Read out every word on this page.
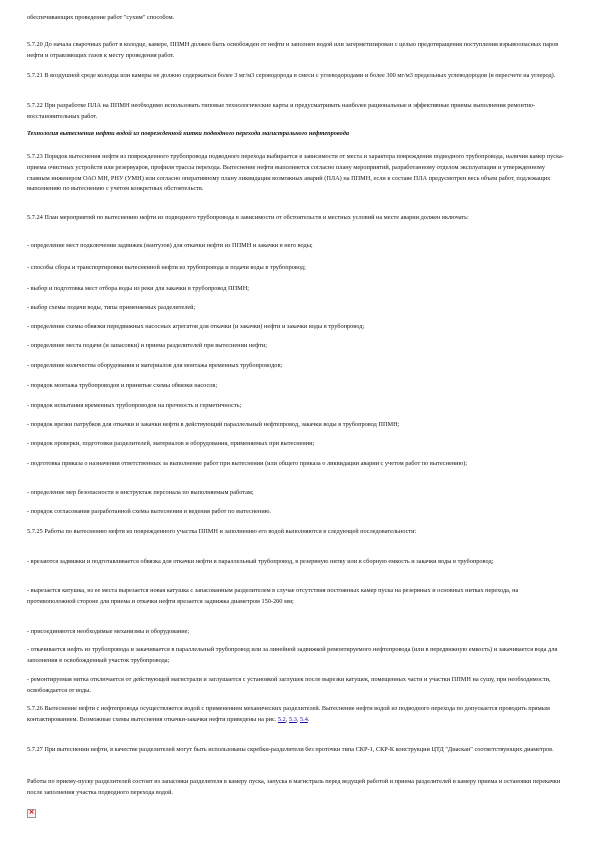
обеспечивающих проведение работ "сухим" способом.
5.7.20 До начала сварочных работ в колодце, камере, ППМН должен быть освобожден от нефти и заполнен водой или загерметизирован с целью предотвращения поступления взрывоопасных паров нефти и отравляющих газов к месту проведения работ.
5.7.21 В воздушной среде колодца или камеры не должно содержаться более 3 мг/м3 сероводорода в смеси с углеводородами и более 300 мг/м3 предельных углеводородов (в пересчете на углерод).
5.7.22 При разработке ПЛА на ППМН необходимо использовать типовые технологические карты и предусматривать наиболее рациональные и эффективные приемы выполнения ремонтно-восстановительных работ.
Технология вытеснения нефти водой из поврежденной нитки подводного перехода магистрального нефтепровода
5.7.23 Порядок вытеснения нефти из поврежденного трубопровода подводного перехода выбирается в зависимости от места и характера повреждения подводного трубопровода, наличия камер пуска-приема очистных устройств или резервуаров, профиля трассы перехода. Вытеснение нефти выполняется согласно плану мероприятий, разработанному отделом эксплуатации и утвержденному главным инженером ОАО МН, РНУ (УМН) или согласно оперативному плану ликвидации возможных аварий (ПЛА) на ППМН, если в составе ПЛА предусмотрен весь объем работ, подлежащих выполнению по вытеснению с учетом конкретных обстоятельств.
5.7.24 План мероприятий по вытеснению нефти из подводного трубопровода в зависимости от обстоятельств и местных условий на месте аварии должен включать:
- определение мест подключения задвижек (вантузов) для откачки нефти из ППМН и закачки в него воды;
- способы сбора и транспортировки вытесненной нефти из трубопровода и подачи воды в трубопровод;
- выбор и подготовка мест отбора воды из реки для закачки в трубопровод ППМН;
- выбор схемы подачи воды, типы применяемых разделителей;
- определение схемы обвязки передвижных насосных агрегатов для откачки (и закачки) нефти и закачки воды в трубопровод;
- определение места подачи (и запасовки) и приема разделителей при вытеснении нефти;
- определение количества оборудования и материалов для монтажа временных трубопроводов;
- порядок монтажа трубопроводов и принятые схемы обвязки насосов;
- порядок испытания временных трубопроводов на прочность и герметичность;
- порядок врезки патрубков для откачки и закачки нефти в действующий параллельный нефтепровод, закачки воды в трубопровод ППМН;
- порядок проверки, подготовки разделителей, материалов и оборудования, применяемых при вытеснении;
- подготовка приказа о назначении ответственных за выполнение работ при вытеснении (или общего приказа о ликвидации аварии с учетом работ по вытеснению);
- определение мер безопасности и инструктаж персонала по выполняемым работам;
- порядок согласования разработанной схемы вытеснения и ведения работ по вытеснению.
5.7.25 Работы по вытеснению нефти из поврежденного участка ППМН и заполнению его водой выполняются в следующей последовательности:
- врезаются задвижки и подготавливается обвязка для откачки нефти в параллельный трубопровод, в резервную нитку или в сборную емкость и закачки воды в трубопровод;
- вырезается катушка, из ее места вырезается новая катушка с запасованным разделителем в случае отсутствия постоянных камер пуска на резервных и основных нитках перехода, на противоположной стороне для приема и откачки нефти врезается задвижка диаметром 150-200 мм;
- присоединяются необходимые механизмы и оборудование;
- откачивается нефть из трубопровода и закачивается в параллельный трубопровод или за линейной задвижкой ремонтируемого нефтепровода (или в передвижную емкость) и закачивается вода для заполнения в освобожденный участок трубопровода;
- ремонтируемая нитка отключается от действующей магистрали и заглушается с установкой заглушек после вырезки катушек, помещенных части и участки ППМН на сушу, при необходимости, освобождается от воды.
5.7.26 Вытеснение нефти с нефтепровода осуществляется водой с применением механических разделителей. Вытеснение нефти водой из подводного перехода по допускается проводить прямым контактированием. Возможные схемы вытеснения откачки-закачки нефти приведены на рис. 5.2, 5.3, 5.4.
5.7.27 При вытеснении нефти, в качестве разделителей могут быть использованы скребки-разделители без проточки типа СКР-1, СКР-К конструкции ЦТД "Диаскан" соответствующих диаметров.
Работы по приему-пуску разделителей состоят из запасовки разделителя в камеру пуска, запуска в магистраль перед ведущей работой и приема разделителей в камеру приема и остановки перекачки после заполнения участка подводного перехода водой.
×
